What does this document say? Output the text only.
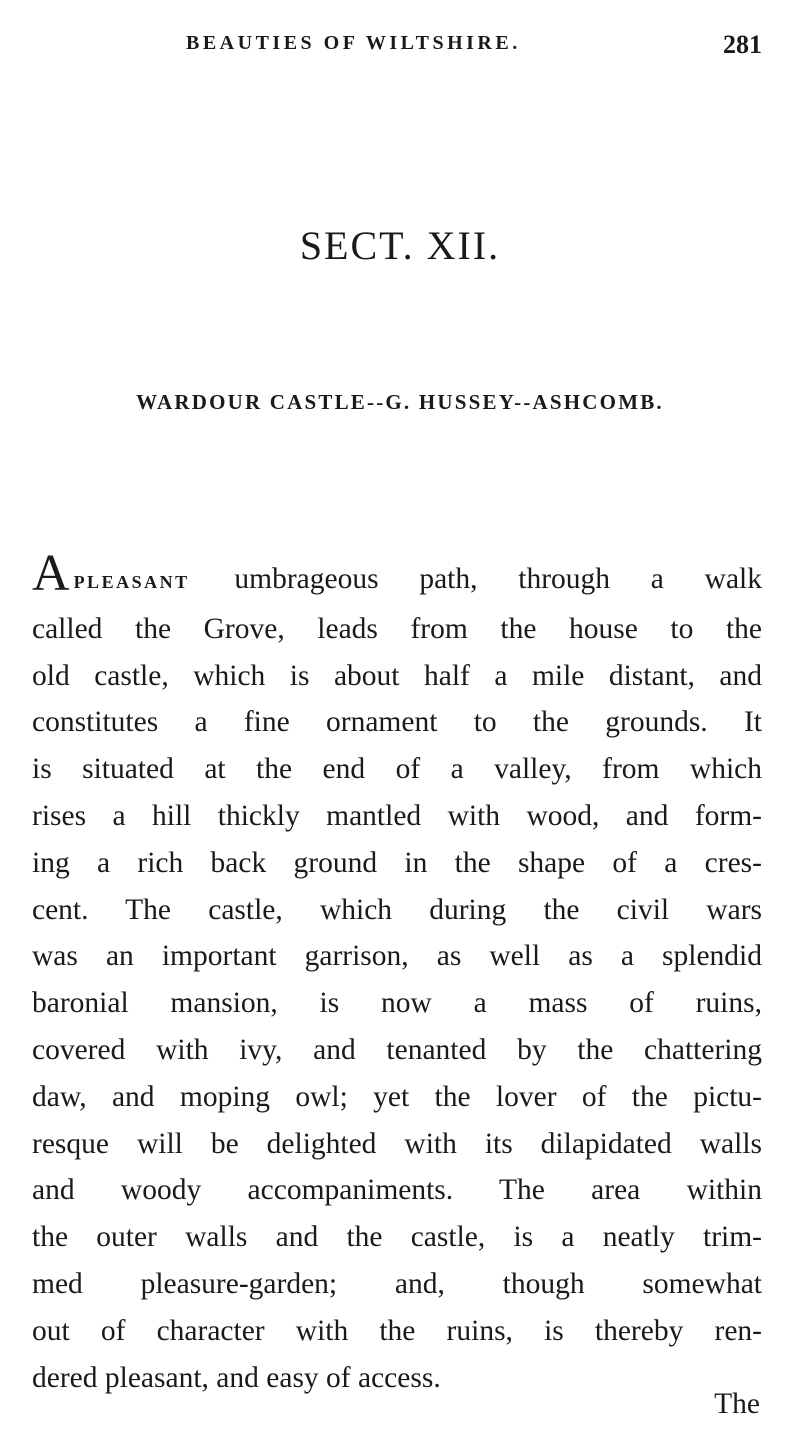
BEAUTIES OF WILTSHIRE.	281
SECT. XII.
WARDOUR CASTLE--G. HUSSEY--ASHCOMB.
APLEASANT umbrageous path, through a walk
called the Grove, leads from the house to the
old castle, which is about half a mile distant, and
constitutes a fine ornament to the grounds. It
is situated at the end of a valley, from which
rises a hill thickly mantled with wood, and form-
ing a rich back ground in the shape of a cres-
cent. The castle, which during the civil wars
was an important garrison, as well as a splendid
baronial mansion, is now a mass of ruins,
covered with ivy, and tenanted by the chattering
daw, and moping owl; yet the lover of the pictu-
resque will be delighted with its dilapidated walls
and woody accompaniments. The area within
the outer walls and the castle, is a neatly trim-
med pleasure-garden; and, though somewhat
out of character with the ruins, is thereby ren-
dered pleasant, and easy of access.
The
